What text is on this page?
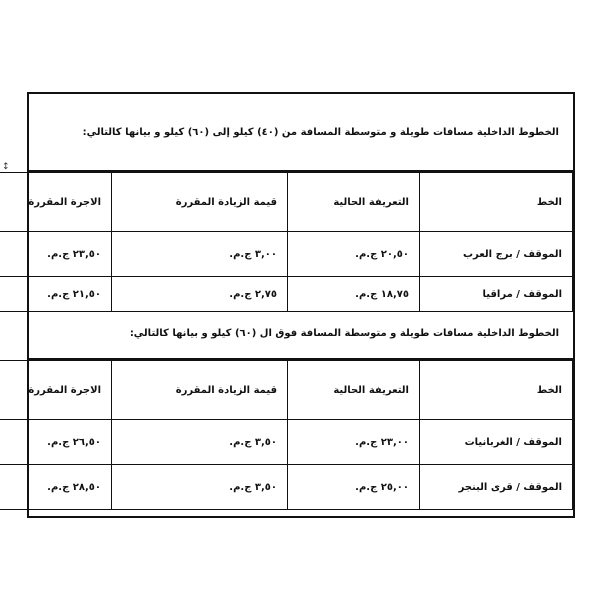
↕
الخطوط الداخلية مسافات طويلة و متوسطة المسافة من (٤٠) كيلو إلى (٦٠) كيلو و بيانها كالتالي:
الخط	التعريفة الحالية	قيمة الزيادة المقررة	الاجرة المقررة
الموقف / برج العرب	٢٠,٥٠ ج.م.	٣,٠٠ ج.م.	٢٣,٥٠ ج.م.
الموقف / مراقيا	١٨,٧٥ ج.م.	٢,٧٥ ج.م.	٢١,٥٠ ج.م.
الخطوط الداخلية مسافات طويلة و متوسطة المسافة فوق ال (٦٠) كيلو و بيانها كالتالي:
الخط	التعريفة الحالية	قيمة الزيادة المقررة	الاجرة المقررة
الموقف / الغربانيات	٢٣,٠٠ ج.م.	٣,٥٠ ج.م.	٢٦,٥٠ ج.م.
الموقف / قرى البنجر	٢٥,٠٠ ج.م.	٣,٥٠ ج.م.	٢٨,٥٠ ج.م.
